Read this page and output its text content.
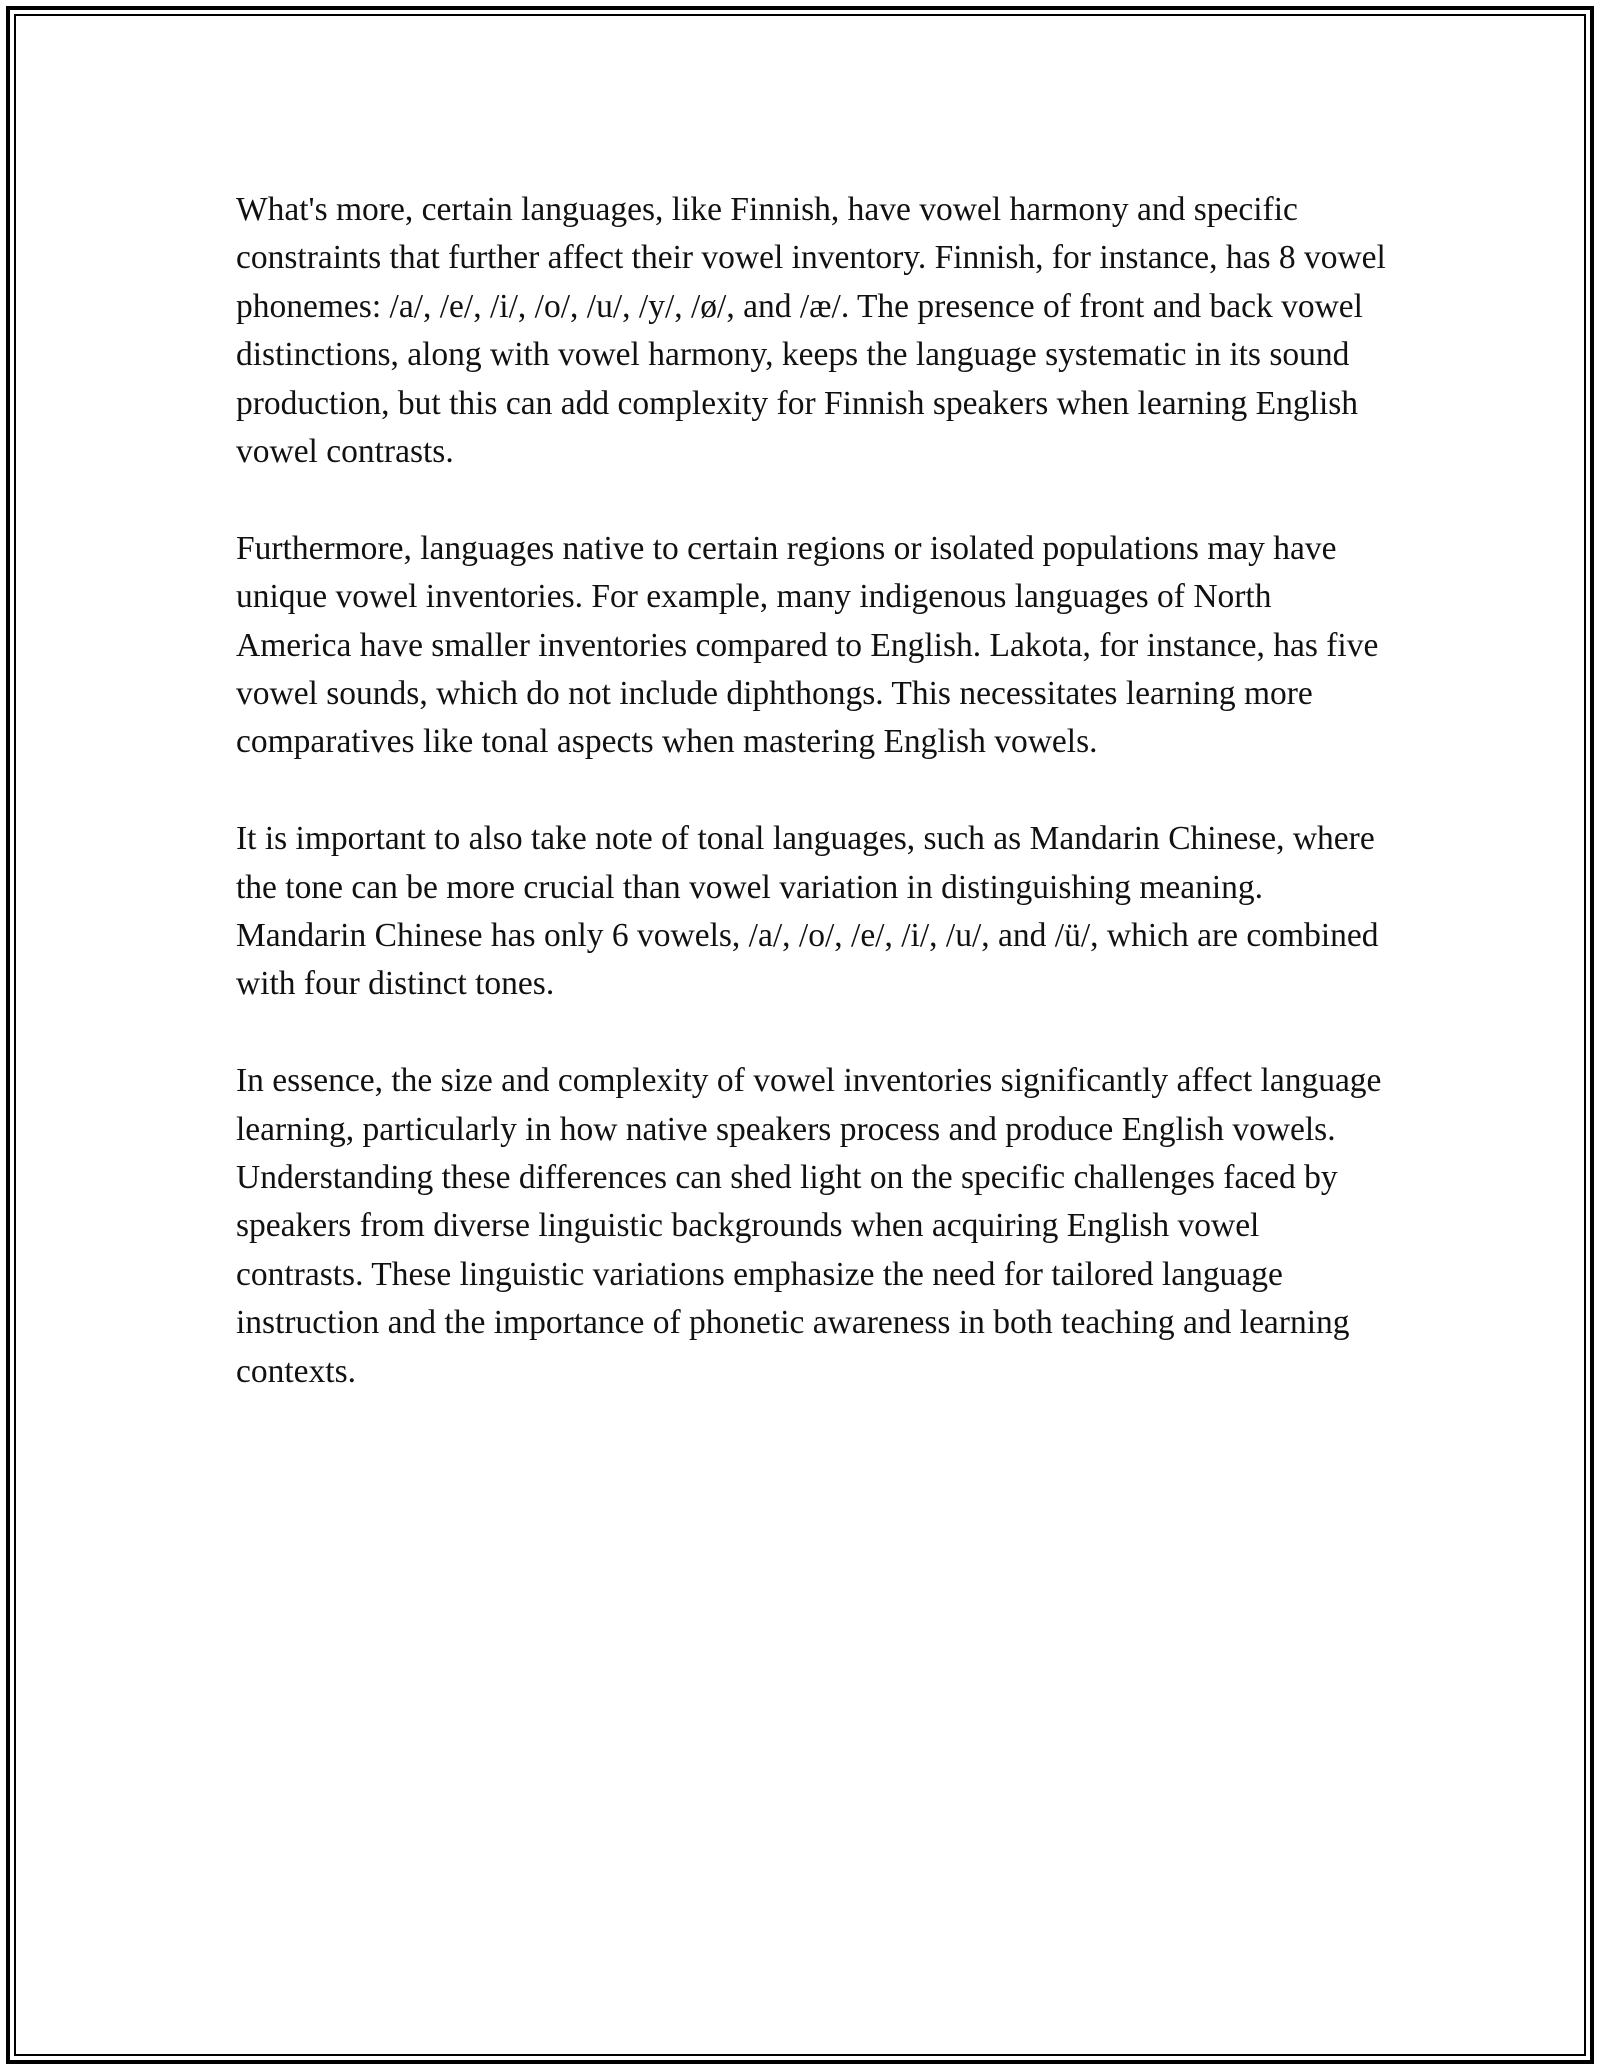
What's more, certain languages, like Finnish, have vowel harmony and specific constraints that further affect their vowel inventory. Finnish, for instance, has 8 vowel phonemes: /a/, /e/, /i/, /o/, /u/, /y/, /ø/, and /æ/. The presence of front and back vowel distinctions, along with vowel harmony, keeps the language systematic in its sound production, but this can add complexity for Finnish speakers when learning English vowel contrasts.

Furthermore, languages native to certain regions or isolated populations may have unique vowel inventories. For example, many indigenous languages of North America have smaller inventories compared to English. Lakota, for instance, has five vowel sounds, which do not include diphthongs. This necessitates learning more comparatives like tonal aspects when mastering English vowels.

It is important to also take note of tonal languages, such as Mandarin Chinese, where the tone can be more crucial than vowel variation in distinguishing meaning. Mandarin Chinese has only 6 vowels, /a/, /o/, /e/, /i/, /u/, and /ü/, which are combined with four distinct tones.

In essence, the size and complexity of vowel inventories significantly affect language learning, particularly in how native speakers process and produce English vowels. Understanding these differences can shed light on the specific challenges faced by speakers from diverse linguistic backgrounds when acquiring English vowel contrasts. These linguistic variations emphasize the need for tailored language instruction and the importance of phonetic awareness in both teaching and learning contexts.
